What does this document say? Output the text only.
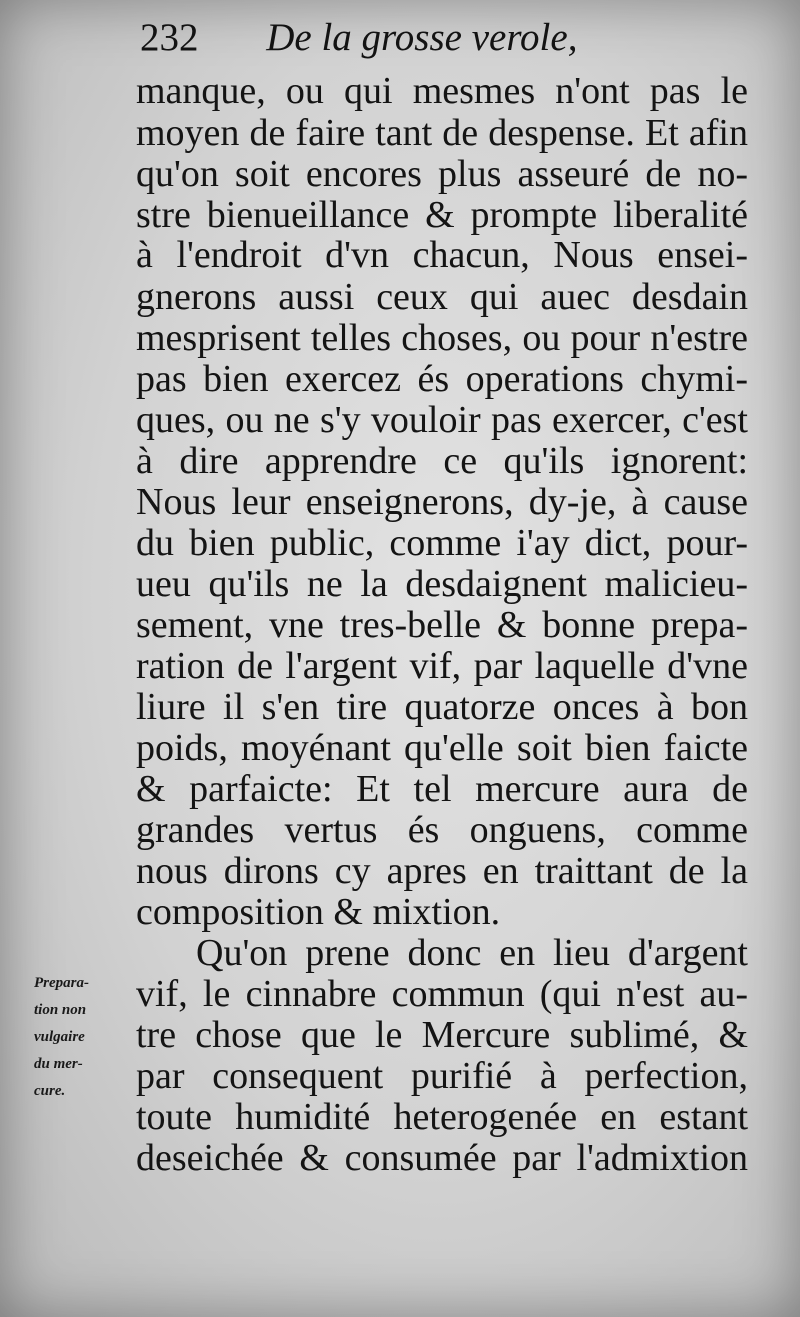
232 De la grosse verole,
manque, ou qui mesmes n'ont pas le
moyen de faire tant de despense. Et afin
qu'on soit encores plus asseuré de no-
stre bienueillance & prompte liberalité
à l'endroit d'vn chacun, Nous ensei-
gnerons aussi ceux qui auec desdain
mesprisent telles choses, ou pour n'estre
pas bien exercez és operations chymi-
ques, ou ne s'y vouloir pas exercer, c'est
à dire apprendre ce qu'ils ignorent:
Nous leur enseignerons, dy-je, à cause
du bien public, comme i'ay dict, pour-
ueu qu'ils ne la desdaignent malicieu-
sement, vne tres-belle & bonne prepa-
ration de l'argent vif, par laquelle d'vne
liure il s'en tire quatorze onces à bon
poids, moyénant qu'elle soit bien faicte
& parfaicte: Et tel mercure aura de
grandes vertus és onguens, comme
nous dirons cy apres en traittant de la
composition & mixtion.
Qu'on prene donc en lieu d'argent
vif, le cinnabre commun (qui n'est au-
tre chose que le Mercure sublimé, &
par consequent purifié à perfection,
toute humidité heterogenée en estant
deseichée & consumée par l'admixtion
Prepara-
tion non
vulgaire
du mer-
cure.
